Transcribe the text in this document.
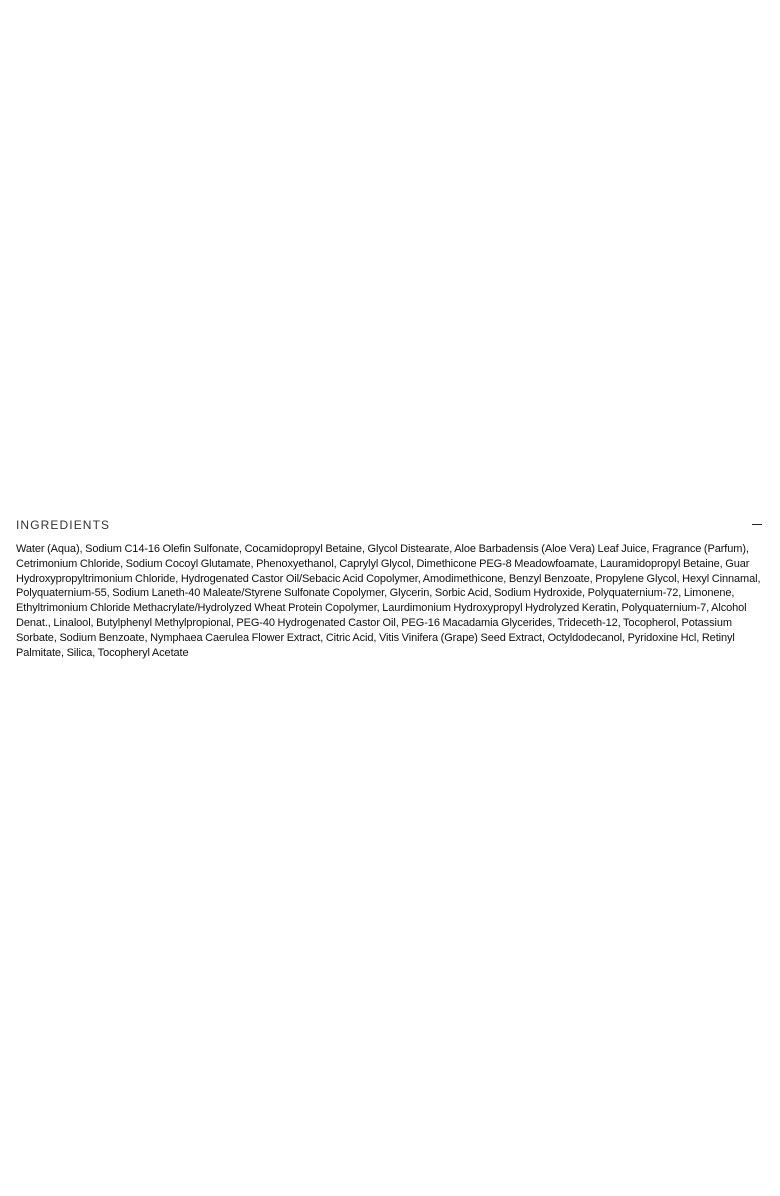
INGREDIENTS

Water (Aqua), Sodium C14-16 Olefin Sulfonate, Cocamidopropyl Betaine, Glycol Distearate, Aloe Barbadensis (Aloe Vera) Leaf Juice, Fragrance (Parfum), Cetrimonium Chloride, Sodium Cocoyl Glutamate, Phenoxyethanol, Caprylyl Glycol, Dimethicone PEG-8 Meadowfoamate, Lauramidopropyl Betaine, Guar Hydroxypropyltrimonium Chloride, Hydrogenated Castor Oil/Sebacic Acid Copolymer, Amodimethicone, Benzyl Benzoate, Propylene Glycol, Hexyl Cinnamal, Polyquaternium-55, Sodium Laneth-40 Maleate/Styrene Sulfonate Copolymer, Glycerin, Sorbic Acid, Sodium Hydroxide, Polyquaternium-72, Limonene, Ethyltrimonium Chloride Methacrylate/Hydrolyzed Wheat Protein Copolymer, Laurdimonium Hydroxypropyl Hydrolyzed Keratin, Polyquaternium-7, Alcohol Denat., Linalool, Butylphenyl Methylpropional, PEG-40 Hydrogenated Castor Oil, PEG-16 Macadamia Glycerides, Trideceth-12, Tocopherol, Potassium Sorbate, Sodium Benzoate, Nymphaea Caerulea Flower Extract, Citric Acid, Vitis Vinifera (Grape) Seed Extract, Octyldodecanol, Pyridoxine Hcl, Retinyl Palmitate, Silica, Tocopheryl Acetate
